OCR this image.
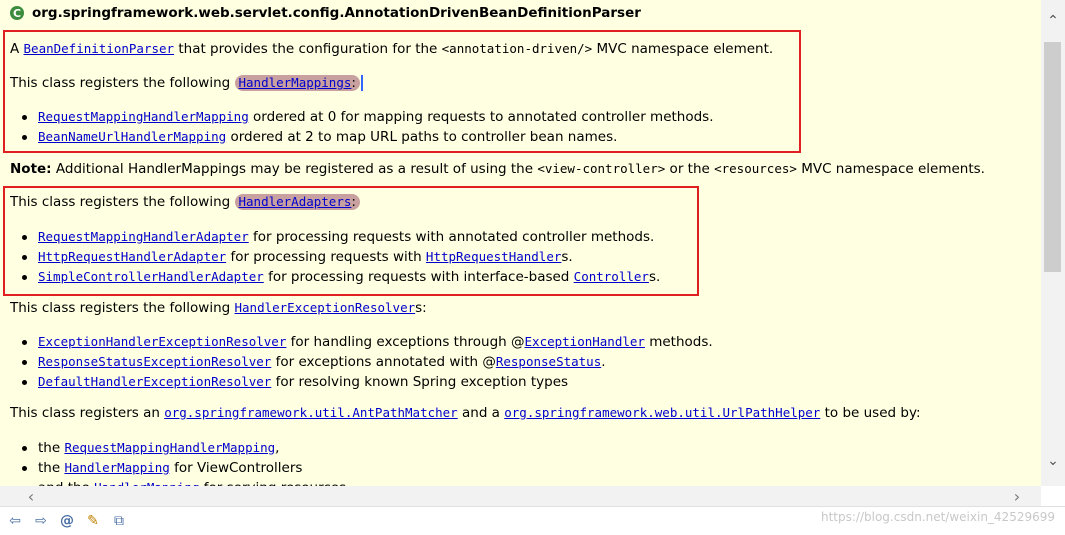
C org.springframework.web.servlet.config.AnnotationDrivenBeanDefinitionParser

A BeanDefinitionParser that provides the configuration for the <annotation-driven/> MVC namespace element.

This class registers the following HandlerMappings:

RequestMappingHandlerMapping ordered at 0 for mapping requests to annotated controller methods.
BeanNameUrlHandlerMapping ordered at 2 to map URL paths to controller bean names.

Note: Additional HandlerMappings may be registered as a result of using the <view-controller> or the <resources> MVC namespace elements.

This class registers the following HandlerAdapters:

RequestMappingHandlerAdapter for processing requests with annotated controller methods.
HttpRequestHandlerAdapter for processing requests with HttpRequestHandlers.
SimpleControllerHandlerAdapter for processing requests with interface-based Controllers.

This class registers the following HandlerExceptionResolvers:

ExceptionHandlerExceptionResolver for handling exceptions through @ExceptionHandler methods.
ResponseStatusExceptionResolver for exceptions annotated with @ResponseStatus.
DefaultHandlerExceptionResolver for resolving known Spring exception types

This class registers an org.springframework.util.AntPathMatcher and a org.springframework.web.util.UrlPathHelper to be used by:

the RequestMappingHandlerMapping,
the HandlerMapping for ViewControllers
⌃
⌄
‹	›
⇦	⇨ @ ✎	⧉	https://blog.csdn.net/weixin_42529699
